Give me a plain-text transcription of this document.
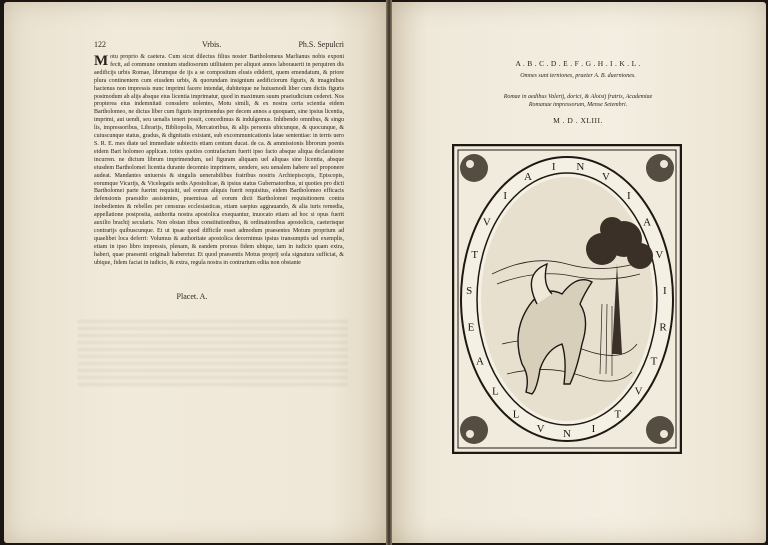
122	Vrbis.	Ph.S. Sepulcri
Motu proprio & caetera. Cum sicut dilectus filius noster Bartholomeus Marlianus nobis exponi fecit, ad commune omnium studiosorum utilitatem per aliquot annos laborauerit in perquiren dis aedificijs urbis Romae, librumque de ijs a se compositum elusis ediderit, quem emendatum, & priore plura continentem cum eiusdem urbis, & quorundam insignium aedificiorum figuris, & imaginibus hactenus non impressis nunc imprimi facere intendat, dubitetque ne huiusmodi liber cum dictis figuris postmodum ab alijs absque eius licentia imprimatur, quod in maximum suum praeiudicium cederet. Nos propterea eius indemnitati consulere uolentes, Motu simili, & ex nostra certa scientia eidem Bartholomeo, ne dictus liber cum figuris imprimendus per decem annos a quoquam, sine ipsius licentia, imprimi, aut uendi, seu uenalis teneri possit, concedimus & indulgemus. Inhibendo omnibus, & singu lis, impressoribus, Librarijs, Bibliopolis, Mercatoribus, & alijs personis ubicunque, & quocunque, & cuiuscunque status, gradus, & dignitatis existant, sub excommunicationis latae sententiae: in terris uero S. R. E. mes diate uel immediate subiectis etiam centum ducat. de ca. & ammissionis librorum poenis eidem Bart holomeo applican. toties quoties contrafactum fuerit ipso facto absque aliqua declaratione incurren. ne dictum librum imprimendum, uel figuram aliquam uel aliquas sine licentia, absque eiusdem Bartholomei licentia durante decennio imprimere, uendere, seu uenalem habere uel proponere audeat. Mandantes uniuersis & singulis uenerabilibus fratribus nostris Archiepiscopis, Episcopis, eorumque Vicarijs, & Vicelegatis sedis Apostolicae, & ipsius status Gubernatoribus, ut quoties pro dicti Bartholomei parte fuerint requisiti, uel eorum aliquis fuerit requisitus, eidem Bartholomeo efficacis defensionis praesidio assistentes, praemissa ad eorum dicti Bartholomei requisitionem contra inobedientes & rebelles per censuras ecclesiasticas, etiam saepius aggrauando, & alia iuris remedia, appellatione postposita, authorita nostra apostolica exequantur, inuocato etiam ad hoc si opus fuerit auxilio brachij secularis. Non obstan tibus constitutionibus, & ordinationibus apostolicis, caeterisque contrarijs quibuscunque. Et ut ipsae quod difficile esset admodum praesentes Motum proprium ad quaelibet loca deferri: Volumus & authoritate apostolica decernimus ipsius transumptis uel exemplis, etiam in ipso libro impressis, plenam, & eandem prorsus fidem ubique, tam in iudicio quam extra, haberi, quae praesenti originali haberetur. Et quod praesentis Motus proprij sola signatura sufficiat, & ubique, fidem faciat in iudicio, & extra, regula nostra in contrarium edita non obstante
Placet. A.
A . B . C . D . E . F . G . H . I . K . L .
Omnes sunt terniones, praeter A. B. duerniones.
Romae in aedibus Valerij, dorici, & Aloisij fratris, Academiae
Romanae impressorum, Mense Setembri.
M . D . XLIII.
N
V
L
L
A
E
S
T
V
I
A
I N
V
I
A
V
I
R
T
V
T
I
